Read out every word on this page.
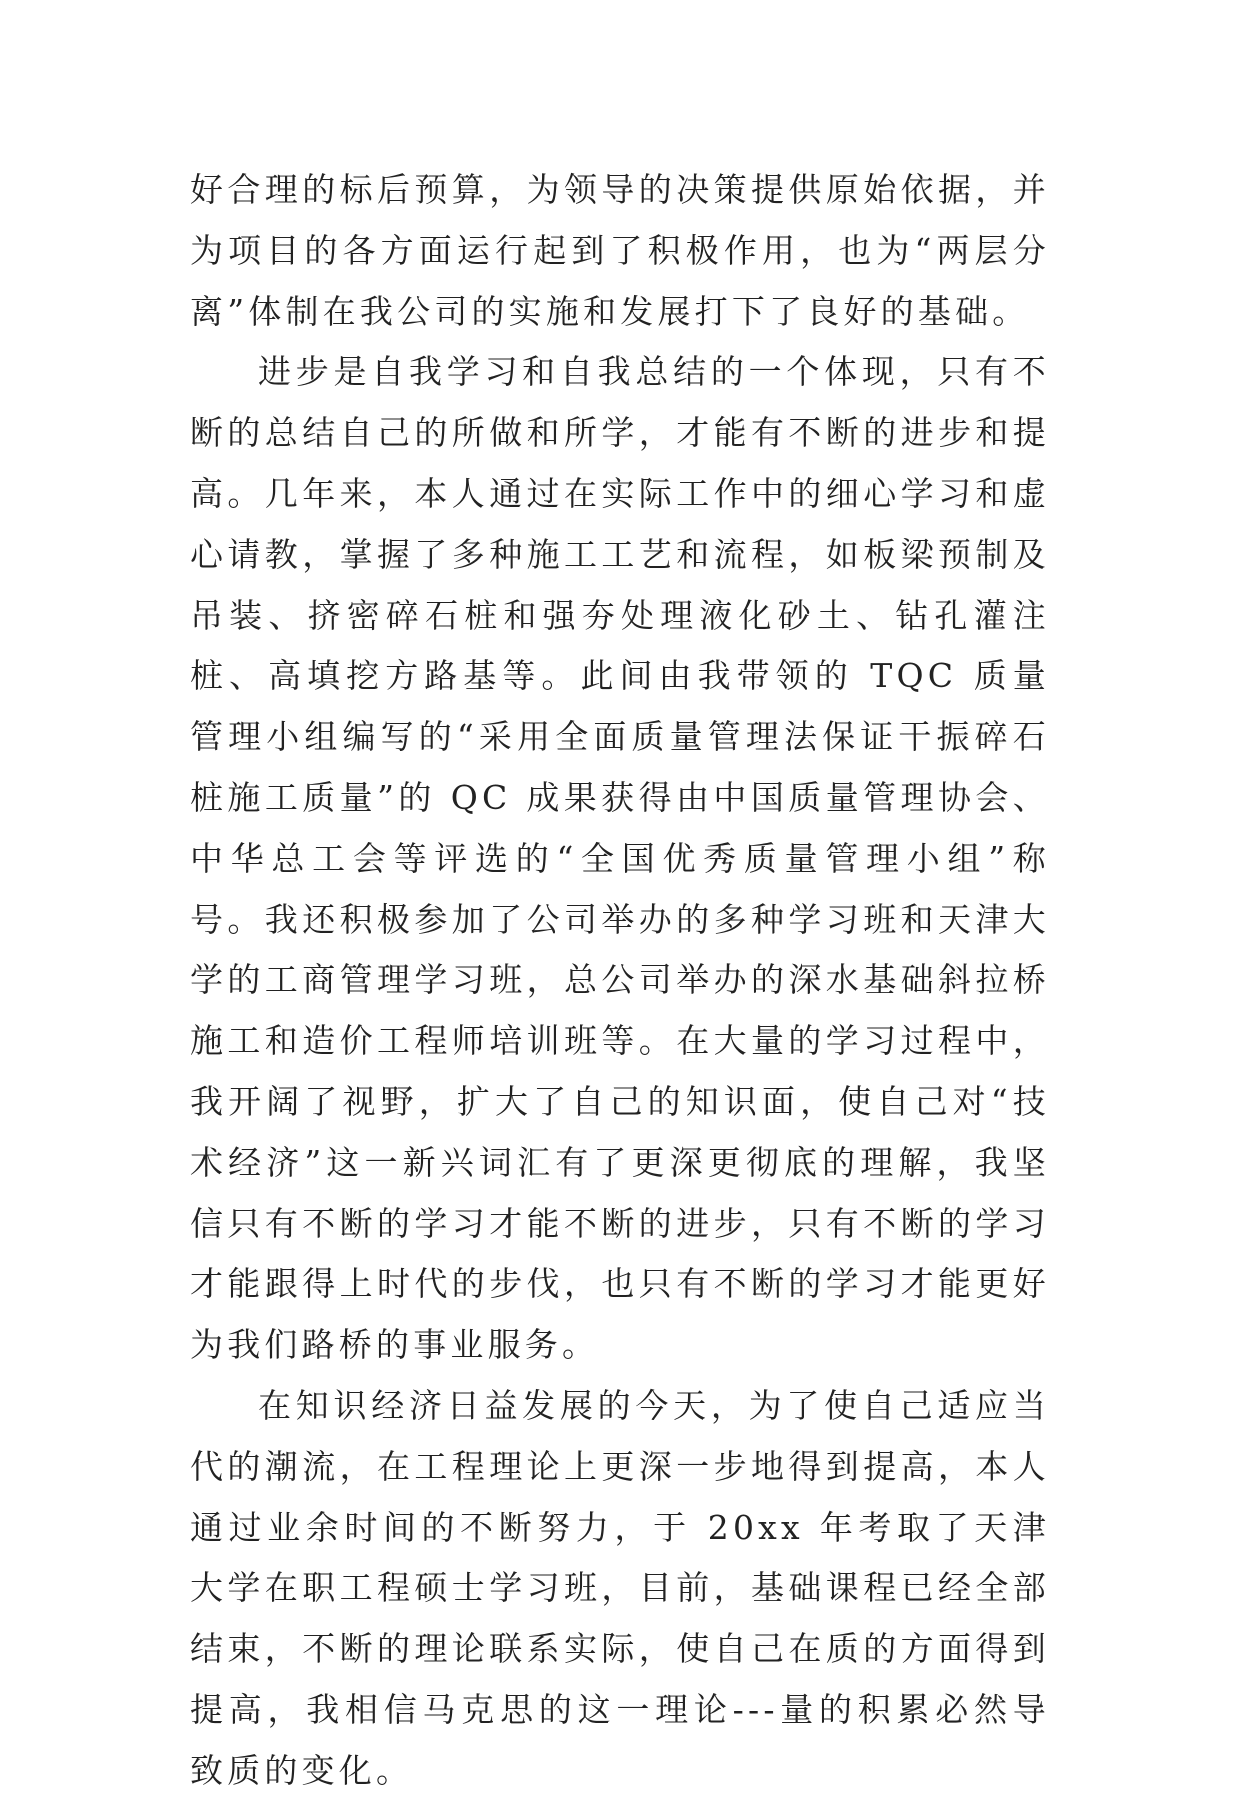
好合理的标后预算，为领导的决策提供原始依据，并为项目的各方面运行起到了积极作用，也为“两层分离”体制在我公司的实施和发展打下了良好的基础。

进步是自我学习和自我总结的一个体现，只有不断的总结自己的所做和所学，才能有不断的进步和提高。几年来，本人通过在实际工作中的细心学习和虚心请教，掌握了多种施工工艺和流程，如板梁预制及吊装、挤密碎石桩和强夯处理液化砂土、钻孔灌注桩、高填挖方路基等。此间由我带领的 TQC 质量管理小组编写的“采用全面质量管理法保证干振碎石桩施工质量”的 QC 成果获得由中国质量管理协会、中华总工会等评选的“全国优秀质量管理小组”称号。我还积极参加了公司举办的多种学习班和天津大学的工商管理学习班，总公司举办的深水基础斜拉桥施工和造价工程师培训班等。在大量的学习过程中，我开阔了视野，扩大了自己的知识面，使自己对“技术经济”这一新兴词汇有了更深更彻底的理解，我坚信只有不断的学习才能不断的进步，只有不断的学习才能跟得上时代的步伐，也只有不断的学习才能更好为我们路桥的事业服务。

在知识经济日益发展的今天，为了使自己适应当代的潮流，在工程理论上更深一步地得到提高，本人通过业余时间的不断努力，于 20xx 年考取了天津大学在职工程硕士学习班，目前，基础课程已经全部结束，不断的理论联系实际，使自己在质的方面得到提高，我相信马克思的这一理论---量的积累必然导致质的变化。
